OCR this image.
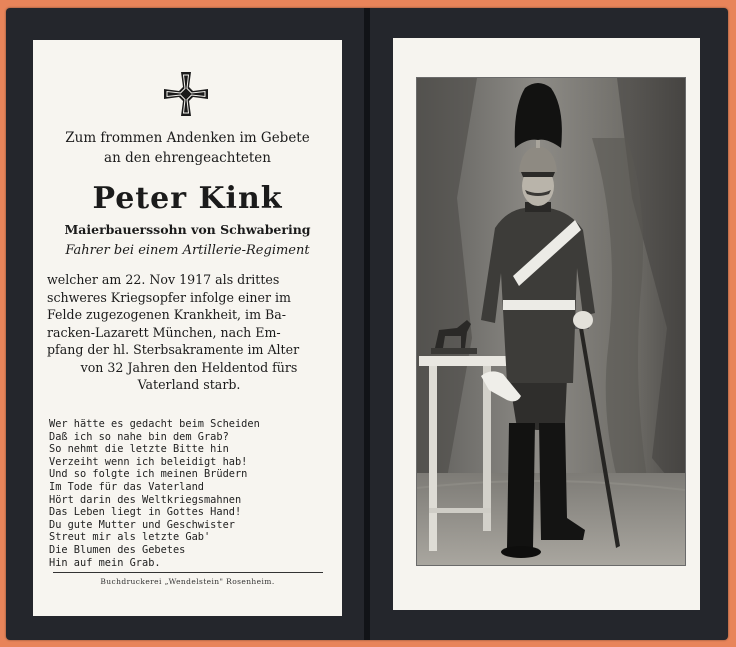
Zum frommen Andenken im Gebete
an den ehrengeachteten
Peter Kink
Maierbauerssohn von Schwabering
Fahrer bei einem Artillerie-Regiment
welcher am 22. Nov 1917 als drittes
schweres Kriegsopfer infolge einer im
Felde zugezogenen Krankheit, im Ba-
racken-Lazarett München, nach Em-
pfang der hl. Sterbsakramente im Alter
von 32 Jahren den Heldentod fürs
Vaterland starb.
Wer hätte es gedacht beim Scheiden
Daß ich so nahe bin dem Grab?
So nehmt die letzte Bitte hin
Verzeiht wenn ich beleidigt hab!
Und so folgte ich meinen Brüdern
Im Tode für das Vaterland
Hört darin des Weltkriegsmahnen
Das Leben liegt in Gottes Hand!
Du gute Mutter und Geschwister
Streut mir als letzte Gab'
Die Blumen des Gebetes
Hin auf mein Grab.
Buchdruckerei „Wendelstein" Rosenheim.
